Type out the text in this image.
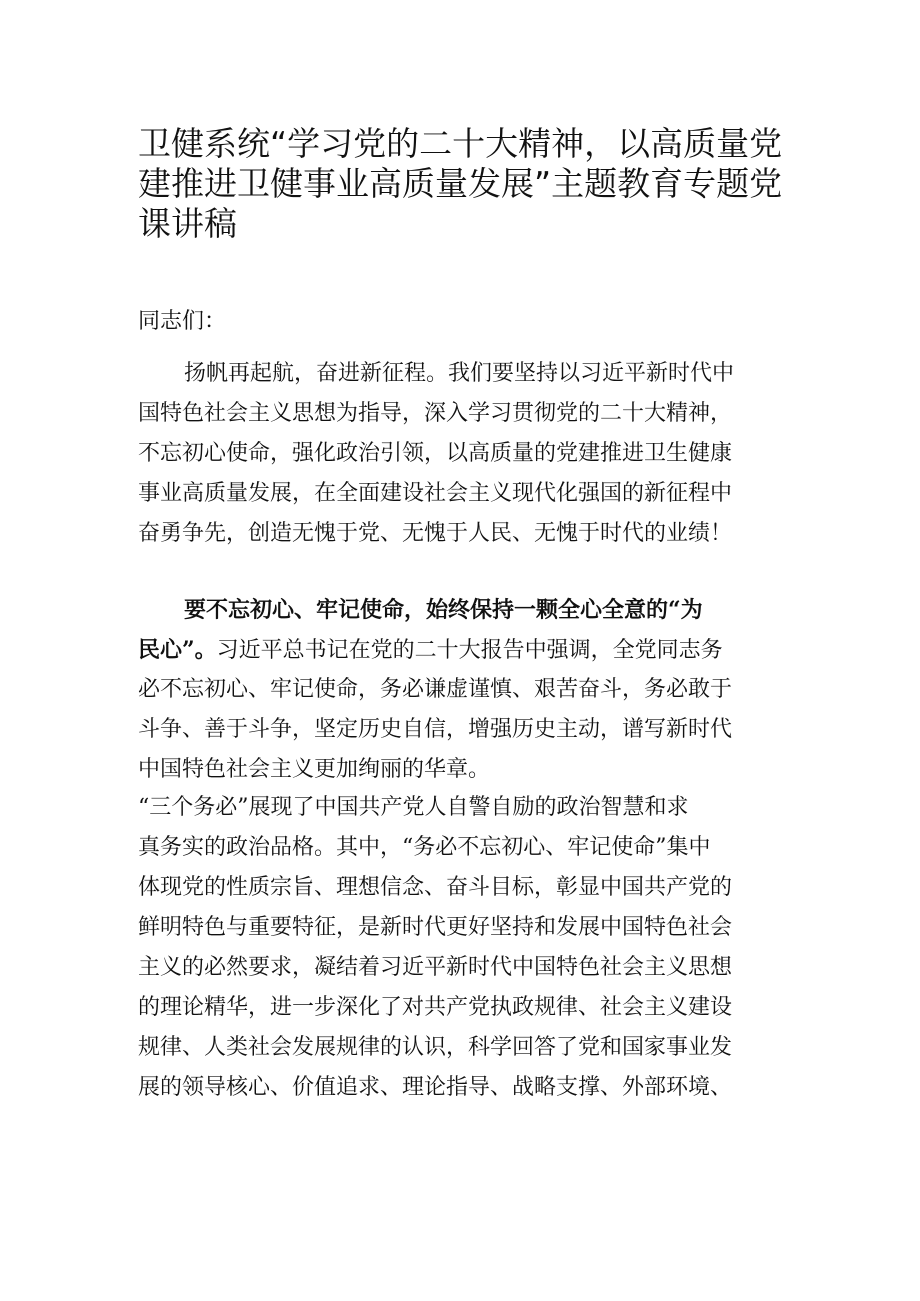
卫健系统“学习党的二十大精神，以高质量党
建推进卫健事业高质量发展”主题教育专题党
课讲稿

同志们：

扬帆再起航，奋进新征程。我们要坚持以习近平新时代中
国特色社会主义思想为指导，深入学习贯彻党的二十大精神，
不忘初心使命，强化政治引领，以高质量的党建推进卫生健康
事业高质量发展，在全面建设社会主义现代化强国的新征程中
奋勇争先，创造无愧于党、无愧于人民、无愧于时代的业绩！
要不忘初心、牢记使命，始终保持一颗全心全意的“为
民心”。习近平总书记在党的二十大报告中强调，全党同志务
必不忘初心、牢记使命，务必谦虚谨慎、艰苦奋斗，务必敢于
斗争、善于斗争，坚定历史自信，增强历史主动，谱写新时代
中国特色社会主义更加绚丽的华章。
“三个务必”展现了中国共产党人自警自励的政治智慧和求
真务实的政治品格。其中，“务必不忘初心、牢记使命”集中
体现党的性质宗旨、理想信念、奋斗目标，彰显中国共产党的
鲜明特色与重要特征，是新时代更好坚持和发展中国特色社会
主义的必然要求，凝结着习近平新时代中国特色社会主义思想
的理论精华，进一步深化了对共产党执政规律、社会主义建设
规律、人类社会发展规律的认识，科学回答了党和国家事业发
展的领导核心、价值追求、理论指导、战略支撑、外部环境、
